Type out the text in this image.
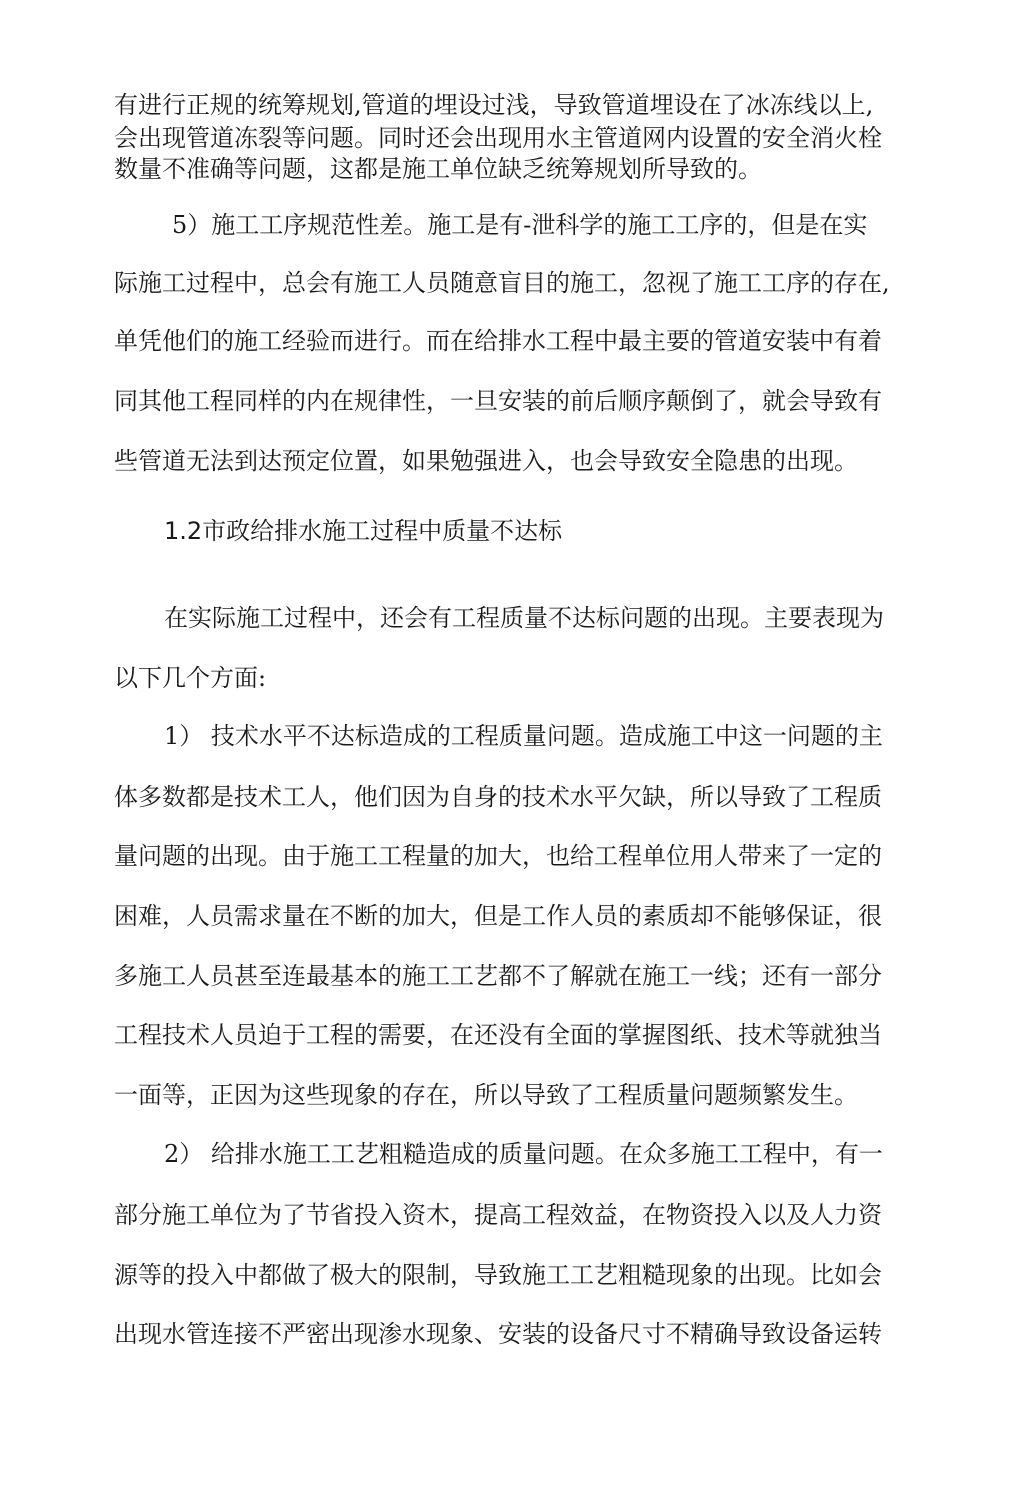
有进行正规的统筹规划,管道的埋设过浅，导致管道埋设在了冰冻线以上,
会出现管道冻裂等问题。同时还会出现用水主管道网内设置的安全消火栓
数量不准确等问题，这都是施工单位缺乏统筹规划所导致的。
5）施工工序规范性差。施工是有-泄科学的施工工序的，但是在实
际施工过程中，总会有施工人员随意盲目的施工，忽视了施工工序的存在,
单凭他们的施工经验而进行。而在给排水工程中最主要的管道安装中有着
同其他工程同样的内在规律性，一旦安装的前后顺序颠倒了，就会导致有
些管道无法到达预定位置，如果勉强进入，也会导致安全隐患的出现。
1.2市政给排水施工过程中质量不达标
在实际施工过程中，还会有工程质量不达标问题的出现。主要表现为
以下几个方面:
1） 技术水平不达标造成的工程质量问题。造成施工中这一问题的主
体多数都是技术工人，他们因为自身的技术水平欠缺，所以导致了工程质
量问题的出现。由于施工工程量的加大，也给工程单位用人带来了一定的
困难，人员需求量在不断的加大，但是工作人员的素质却不能够保证，很
多施工人员甚至连最基本的施工工艺都不了解就在施工一线；还有一部分
工程技术人员迫于工程的需要，在还没有全面的掌握图纸、技术等就独当
一面等，正因为这些现象的存在，所以导致了工程质量问题频繁发生。
2） 给排水施工工艺粗糙造成的质量问题。在众多施工工程中，有一
部分施工单位为了节省投入资木，提高工程效益，在物资投入以及人力资
源等的投入中都做了极大的限制，导致施工工艺粗糙现象的出现。比如会
出现水管连接不严密出现渗水现象、安装的设备尺寸不精确导致设备运转
